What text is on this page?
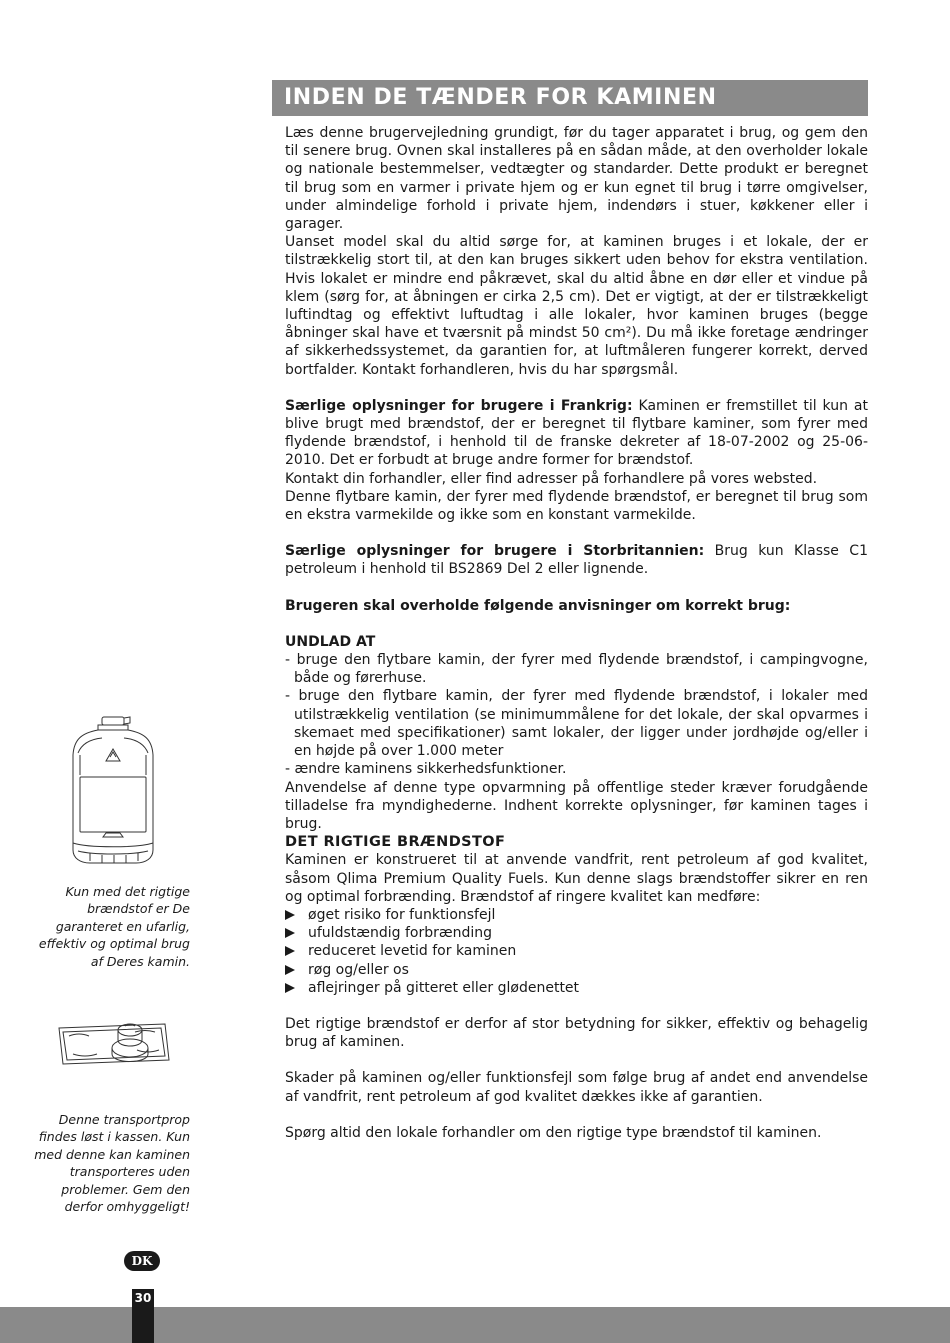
INDEN DE TÆNDER FOR KAMINEN

Læs denne brugervejledning grundigt, før du tager apparatet i brug, og gem den til senere brug. Ovnen skal installeres på en sådan måde, at den overholder lokale og nationale bestemmelser, vedtægter og standarder. Dette produkt er beregnet til brug som en varmer i private hjem og er kun egnet til brug i tørre omgivelser, under almindelige forhold i private hjem, indendørs i stuer, køkkener eller i garager.

Uanset model skal du altid sørge for, at kaminen bruges i et lokale, der er tilstrækkelig stort til, at den kan bruges sikkert uden behov for ekstra ventilation. Hvis lokalet er mindre end påkrævet, skal du altid åbne en dør eller et vindue på klem (sørg for, at åbningen er cirka 2,5 cm). Det er vigtigt, at der er tilstrækkeligt luftindtag og effektivt luftudtag i alle lokaler, hvor kaminen bruges (begge åbninger skal have et tværsnit på mindst 50 cm²). Du må ikke foretage ændringer af sikkerhedssystemet, da garantien for, at luftmåleren fungerer korrekt, derved bortfalder. Kontakt forhandleren, hvis du har spørgsmål.

Særlige oplysninger for brugere i Frankrig: Kaminen er fremstillet til kun at blive brugt med brændstof, der er beregnet til flytbare kaminer, som fyrer med flydende brændstof, i henhold til de franske dekreter af 18-07-2002 og 25-06-2010. Det er forbudt at bruge andre former for brændstof.

Kontakt din forhandler, eller find adresser på forhandlere på vores websted.

Denne flytbare kamin, der fyrer med flydende brændstof, er beregnet til brug som en ekstra varmekilde og ikke som en konstant varmekilde.

Særlige oplysninger for brugere i Storbritannien: Brug kun Klasse C1 petroleum i henhold til BS2869 Del 2 eller lignende.

Brugeren skal overholde følgende anvisninger om korrekt brug:

UNDLAD AT

- bruge den flytbare kamin, der fyrer med flydende brændstof, i campingvogne, både og førerhuse.
- bruge den flytbare kamin, der fyrer med flydende brændstof, i lokaler med utilstrækkelig ventilation (se minimummålene for det lokale, der skal opvarmes i skemaet med specifikationer) samt lokaler, der ligger under jordhøjde og/eller i en højde på over 1.000 meter
- ændre kaminens sikkerhedsfunktioner.

Anvendelse af denne type opvarmning på offentlige steder kræver forudgående tilladelse fra myndighederne. Indhent korrekte oplysninger, før kaminen tages i brug.

DET RIGTIGE BRÆNDSTOF

Kaminen er konstrueret til at anvende vandfrit, rent petroleum af god kvalitet, såsom Qlima Premium Quality Fuels. Kun denne slags brændstoffer sikrer en ren og optimal forbrænding. Brændstof af ringere kvalitet kan medføre:

øget risiko for funktionsfejl
ufuldstændig forbrænding
reduceret levetid for kaminen
røg og/eller os
aflejringer på gitteret eller glødenettet

Det rigtige brændstof er derfor af stor betydning for sikker, effektiv og behagelig brug af kaminen.

Skader på kaminen og/eller funktionsfejl som følge brug af andet end anvendelse af vandfrit, rent petroleum af god kvalitet dækkes ikke af garantien.

Spørg altid den lokale forhandler om den rigtige type brændstof til kaminen.

Kun med det rigtige brændstof er De garanteret en ufarlig, effektiv og optimal brug af Deres kamin.

Denne transportprop findes løst i kassen. Kun med denne kan kaminen transporteres uden problemer. Gem den derfor omhyggeligt!

DK
30
